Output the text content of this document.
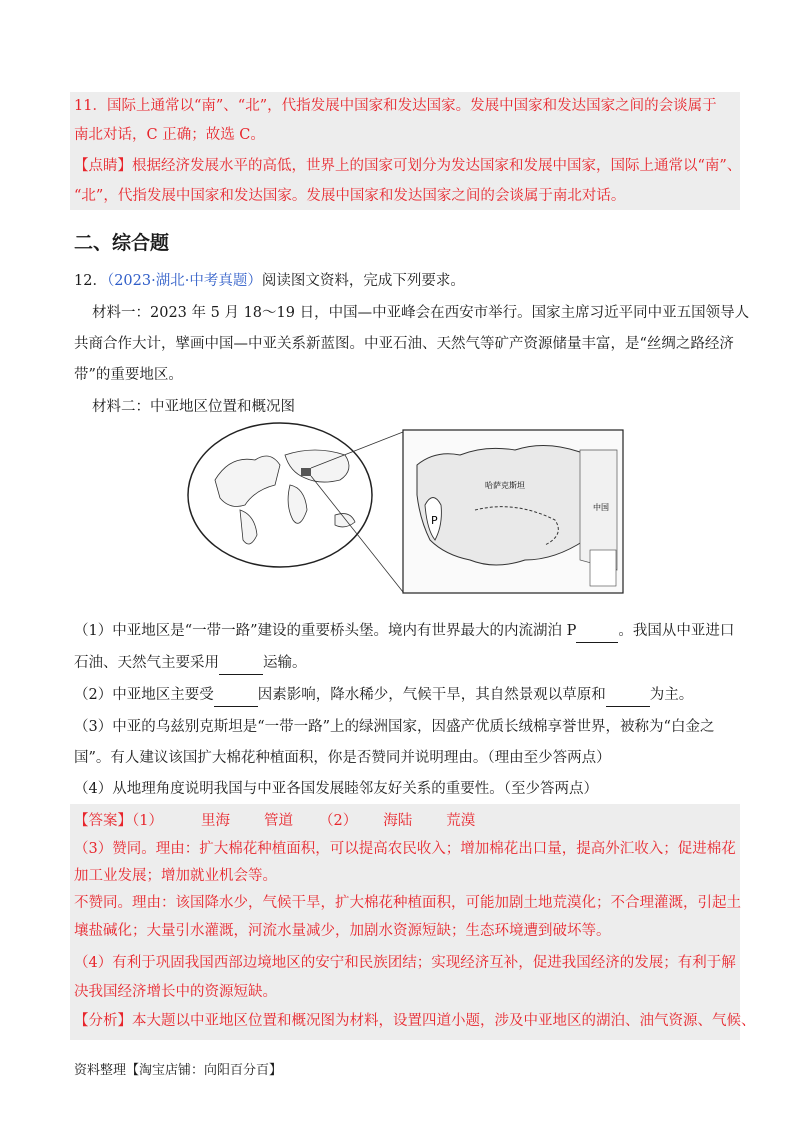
11．国际上通常以“南”、“北”，代指发展中国家和发达国家。发展中国家和发达国家之间的会谈属于
南北对话，C 正确；故选 C。
【点睛】根据经济发展水平的高低，世界上的国家可划分为发达国家和发展中国家，国际上通常以“南”、
“北”，代指发展中国家和发达国家。发展中国家和发达国家之间的会谈属于南北对话。
二、综合题
12．（2023·湖北·中考真题）阅读图文资料，完成下列要求。
材料一：2023 年 5 月 18～19 日，中国—中亚峰会在西安市举行。国家主席习近平同中亚五国领导人
共商合作大计，擘画中国—中亚关系新蓝图。中亚石油、天然气等矿产资源储量丰富，是“丝绸之路经济
带”的重要地区。
材料二：中亚地区位置和概况图
P
哈萨克斯坦
中国
（1）中亚地区是“一带一路”建设的重要桥头堡。境内有世界最大的内流湖泊 P	。我国从中亚进口
石油、天然气主要采用	运输。
（2）中亚地区主要受	因素影响，降水稀少，气候干旱，其自然景观以草原和	为主。
（3）中亚的乌兹别克斯坦是“一带一路”上的绿洲国家，因盛产优质长绒棉享誉世界，被称为“白金之
国”。有人建议该国扩大棉花种植面积，你是否赞同并说明理由。（理由至少答两点）
（4）从地理角度说明我国与中亚各国发展睦邻友好关系的重要性。（至少答两点）
【答案】（1）	里海 管道 （2） 海陆 荒漠
（3）赞同。理由：扩大棉花种植面积，可以提高农民收入；增加棉花出口量，提高外汇收入；促进棉花
加工业发展；增加就业机会等。
不赞同。理由：该国降水少，气候干旱，扩大棉花种植面积，可能加剧土地荒漠化；不合理灌溉，引起土
壤盐碱化；大量引水灌溉，河流水量减少，加剧水资源短缺；生态环境遭到破坏等。
（4）有利于巩固我国西部边境地区的安宁和民族团结；实现经济互补，促进我国经济的发展；有利于解
决我国经济增长中的资源短缺。
【分析】本大题以中亚地区位置和概况图为材料，设置四道小题，涉及中亚地区的湖泊、油气资源、气候、
资料整理【淘宝店铺：向阳百分百】
